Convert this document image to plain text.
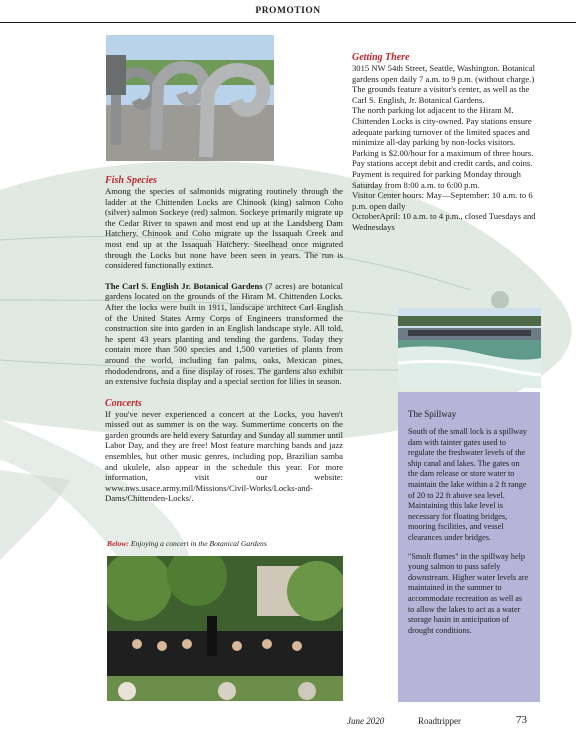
PROMOTION

Fish Species

Among the species of salmonids migrating routinely through the ladder at the Chittenden Locks are Chinook (king) salmon Coho (silver) salmon Sockeye (red) salmon. Sockeye primarily migrate up the Cedar River to spawn and most end up at the Landsberg Dam Hatchery. Chinook and Coho migrate up the Issaquah Creek and most end up at the Issaquah Hatchery. Steelhead once migrated through the Locks but none have been seen in years. The run is considered functionally extinct.

The Carl S. English Jr. Botanical Gardens (7 acres) are botanical gardens located on the grounds of the Hiram M. Chittenden Locks. After the locks were built in 1911, landscape architect Carl English of the United States Army Corps of Engineers transformed the construction site into garden in an English landscape style. All told, he spent 43 years planting and tending the gardens. Today they contain more than 500 species and 1,500 varieties of plants from around the world, including fan palms, oaks, Mexican pines, rhododendrons, and a fine display of roses. The gardens also exhibit an extensive fuchsia display and a special section for lilies in season.

Concerts

If you've never experienced a concert at the Locks, you haven't missed out as summer is on the way. Summertime concerts on the garden grounds are held every Saturday and Sunday all summer until Labor Day, and they are free! Most feature marching bands and jazz ensembles, but other music genres, including pop, Brazilian samba and ukulele, also appear in the schedule this year. For more information, visit our website: www.nws.usace.army.mil/Missions/Civil-Works/Locks-and-Dams/Chittenden-Locks/.

Below: Enjoying a concert in the Botanical Gardens

Getting There

3015 NW 54th Street, Seattle, Washington. Botanical gardens open daily 7 a.m. to 9 p.m. (without charge.)

The grounds feature a visitor's center, as well as the Carl S. English, Jr. Botanical Gardens.

The north parking lot adjacent to the Hiram M. Chittenden Locks is city-owned. Pay stations ensure adequate parking turnover of the limited spaces and minimize all-day parking by non-locks visitors.

Parking is $2.00/hour for a maximum of three hours. Pay stations accept debit and credit cards, and coins. Payment is required for parking Monday through Saturday from 8:00 a.m. to 6:00 p.m.

Visitor Center hours: May—September: 10 a.m. to 6 p.m. open daily

OctoberApril: 10 a.m. to 4 p.m., closed Tuesdays and Wednesdays

The Spillway

South of the small lock is a spillway dam with tainter gates used to regulate the freshwater levels of the ship canal and lakes. The gates on the dam release or store water to maintain the lake within a 2 ft range of 20 to 22 ft above sea level. Maintaining this lake level is necessary for floating bridges, mooring fscilities, and vessel clearances under bridges.

"Smolt flumes" in the spillway help young salmon to pass safely downstream. Higher water levels are maintained in the summer to accommodate recreation as well as to allow the lakes to act as a water storage basin in anticipation of drought conditions.

June 2020	Roadtripper	73
